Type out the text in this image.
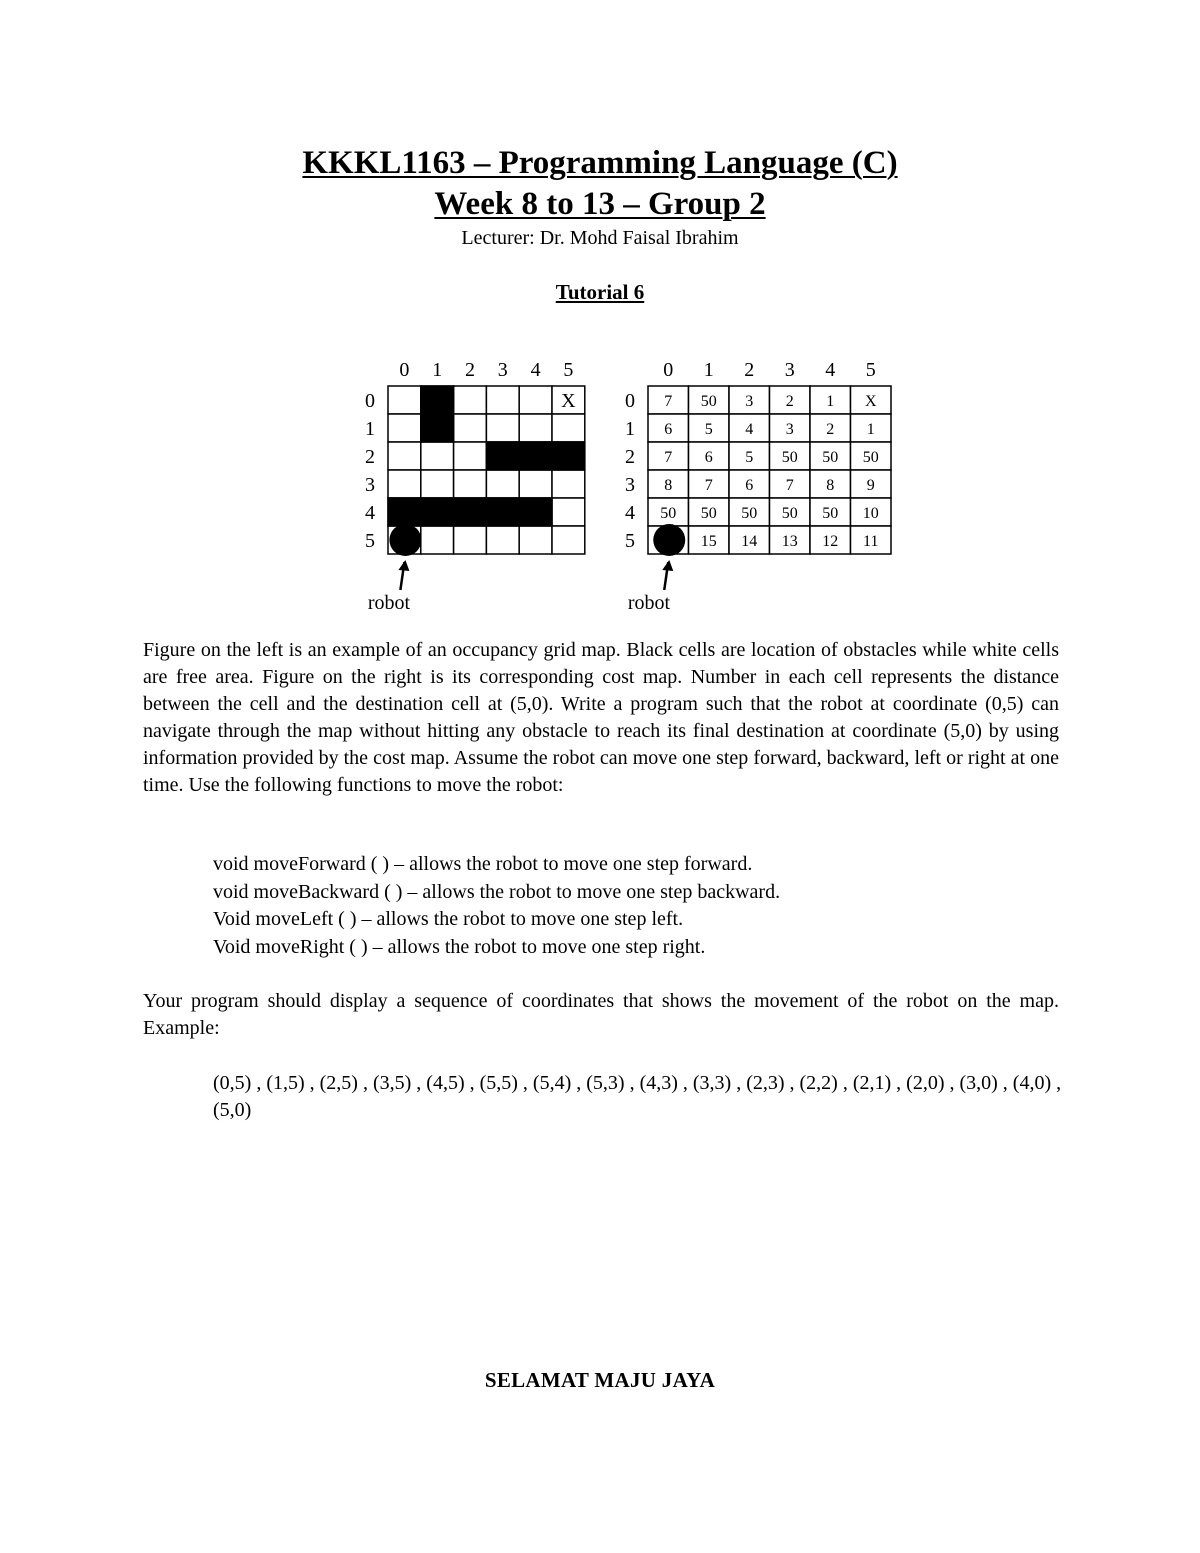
KKKL1163 – Programming Language (C)
Week 8 to 13 – Group 2
Lecturer: Dr. Mohd Faisal Ibrahim
Tutorial 6
0 1 2 3 4 5
0
1
2
3
4
5
X
robot
0 1 2 3 4 5
0
1
2
3
4
5
7 50 3 2 1 X
6 5 4 3 2 1
7 6 5 50 50 50
8 7 6 7 8 9
50 50 50 50 50 10
15 14 13 12 11
robot
Figure on the left is an example of an occupancy grid map. Black cells are location of obstacles while white cells are free area. Figure on the right is its corresponding cost map. Number in each cell represents the distance between the cell and the destination cell at (5,0). Write a program such that the robot at coordinate (0,5) can navigate through the map without hitting any obstacle to reach its final destination at coordinate (5,0) by using information provided by the cost map. Assume the robot can move one step forward, backward, left or right at one time. Use the following functions to move the robot:
void moveForward ( ) – allows the robot to move one step forward.
void moveBackward ( ) – allows the robot to move one step backward.
Void moveLeft ( ) – allows the robot to move one step left.
Void moveRight ( ) – allows the robot to move one step right.
Your program should display a sequence of coordinates that shows the movement of the robot on the map. Example:
(0,5) , (1,5) , (2,5) , (3,5) , (4,5) , (5,5) , (5,4) , (5,3) , (4,3) , (3,3) , (2,3) , (2,2) , (2,1) , (2,0) , (3,0) , (4,0) , (5,0)
SELAMAT MAJU JAYA
